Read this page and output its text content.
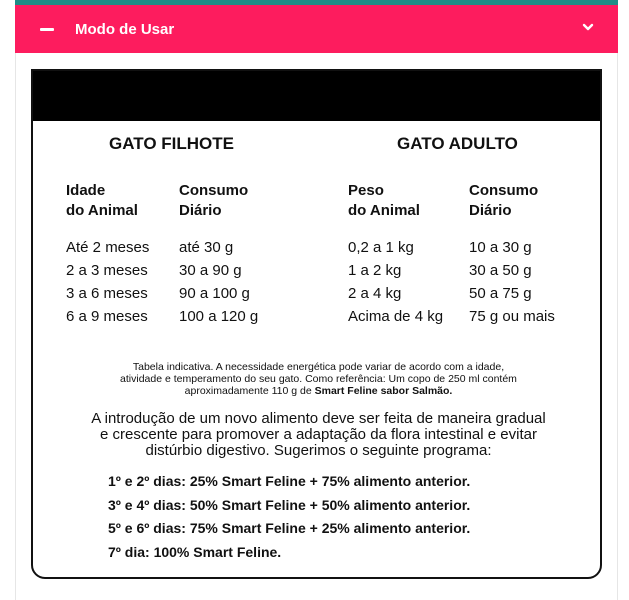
Modo de Usar
GATO FILHOTE	GATO ADULTO
Idade
do Animal
Consumo
Diário
Peso
do Animal
Consumo
Diário
Até 2 meses
2 a 3 meses
3 a 6 meses
6 a 9 meses
até 30 g
30 a 90 g
90 a 100 g
100 a 120 g
0,2 a 1 kg
1 a 2 kg
2 a 4 kg
Acima de 4 kg
10 a 30 g
30 a 50 g
50 a 75 g
75 g ou mais
Tabela indicativa. A necessidade energética pode variar de acordo com a idade,
atividade e temperamento do seu gato. Como referência: Um copo de 250 ml contém
aproximadamente 110 g de Smart Feline sabor Salmão.
A introdução de um novo alimento deve ser feita de maneira gradual
e crescente para promover a adaptação da flora intestinal e evitar
distúrbio digestivo. Sugerimos o seguinte programa:
1º e 2º dias: 25% Smart Feline + 75% alimento anterior.
3º e 4º dias: 50% Smart Feline + 50% alimento anterior.
5º e 6º dias: 75% Smart Feline + 25% alimento anterior.
7º dia: 100% Smart Feline.
